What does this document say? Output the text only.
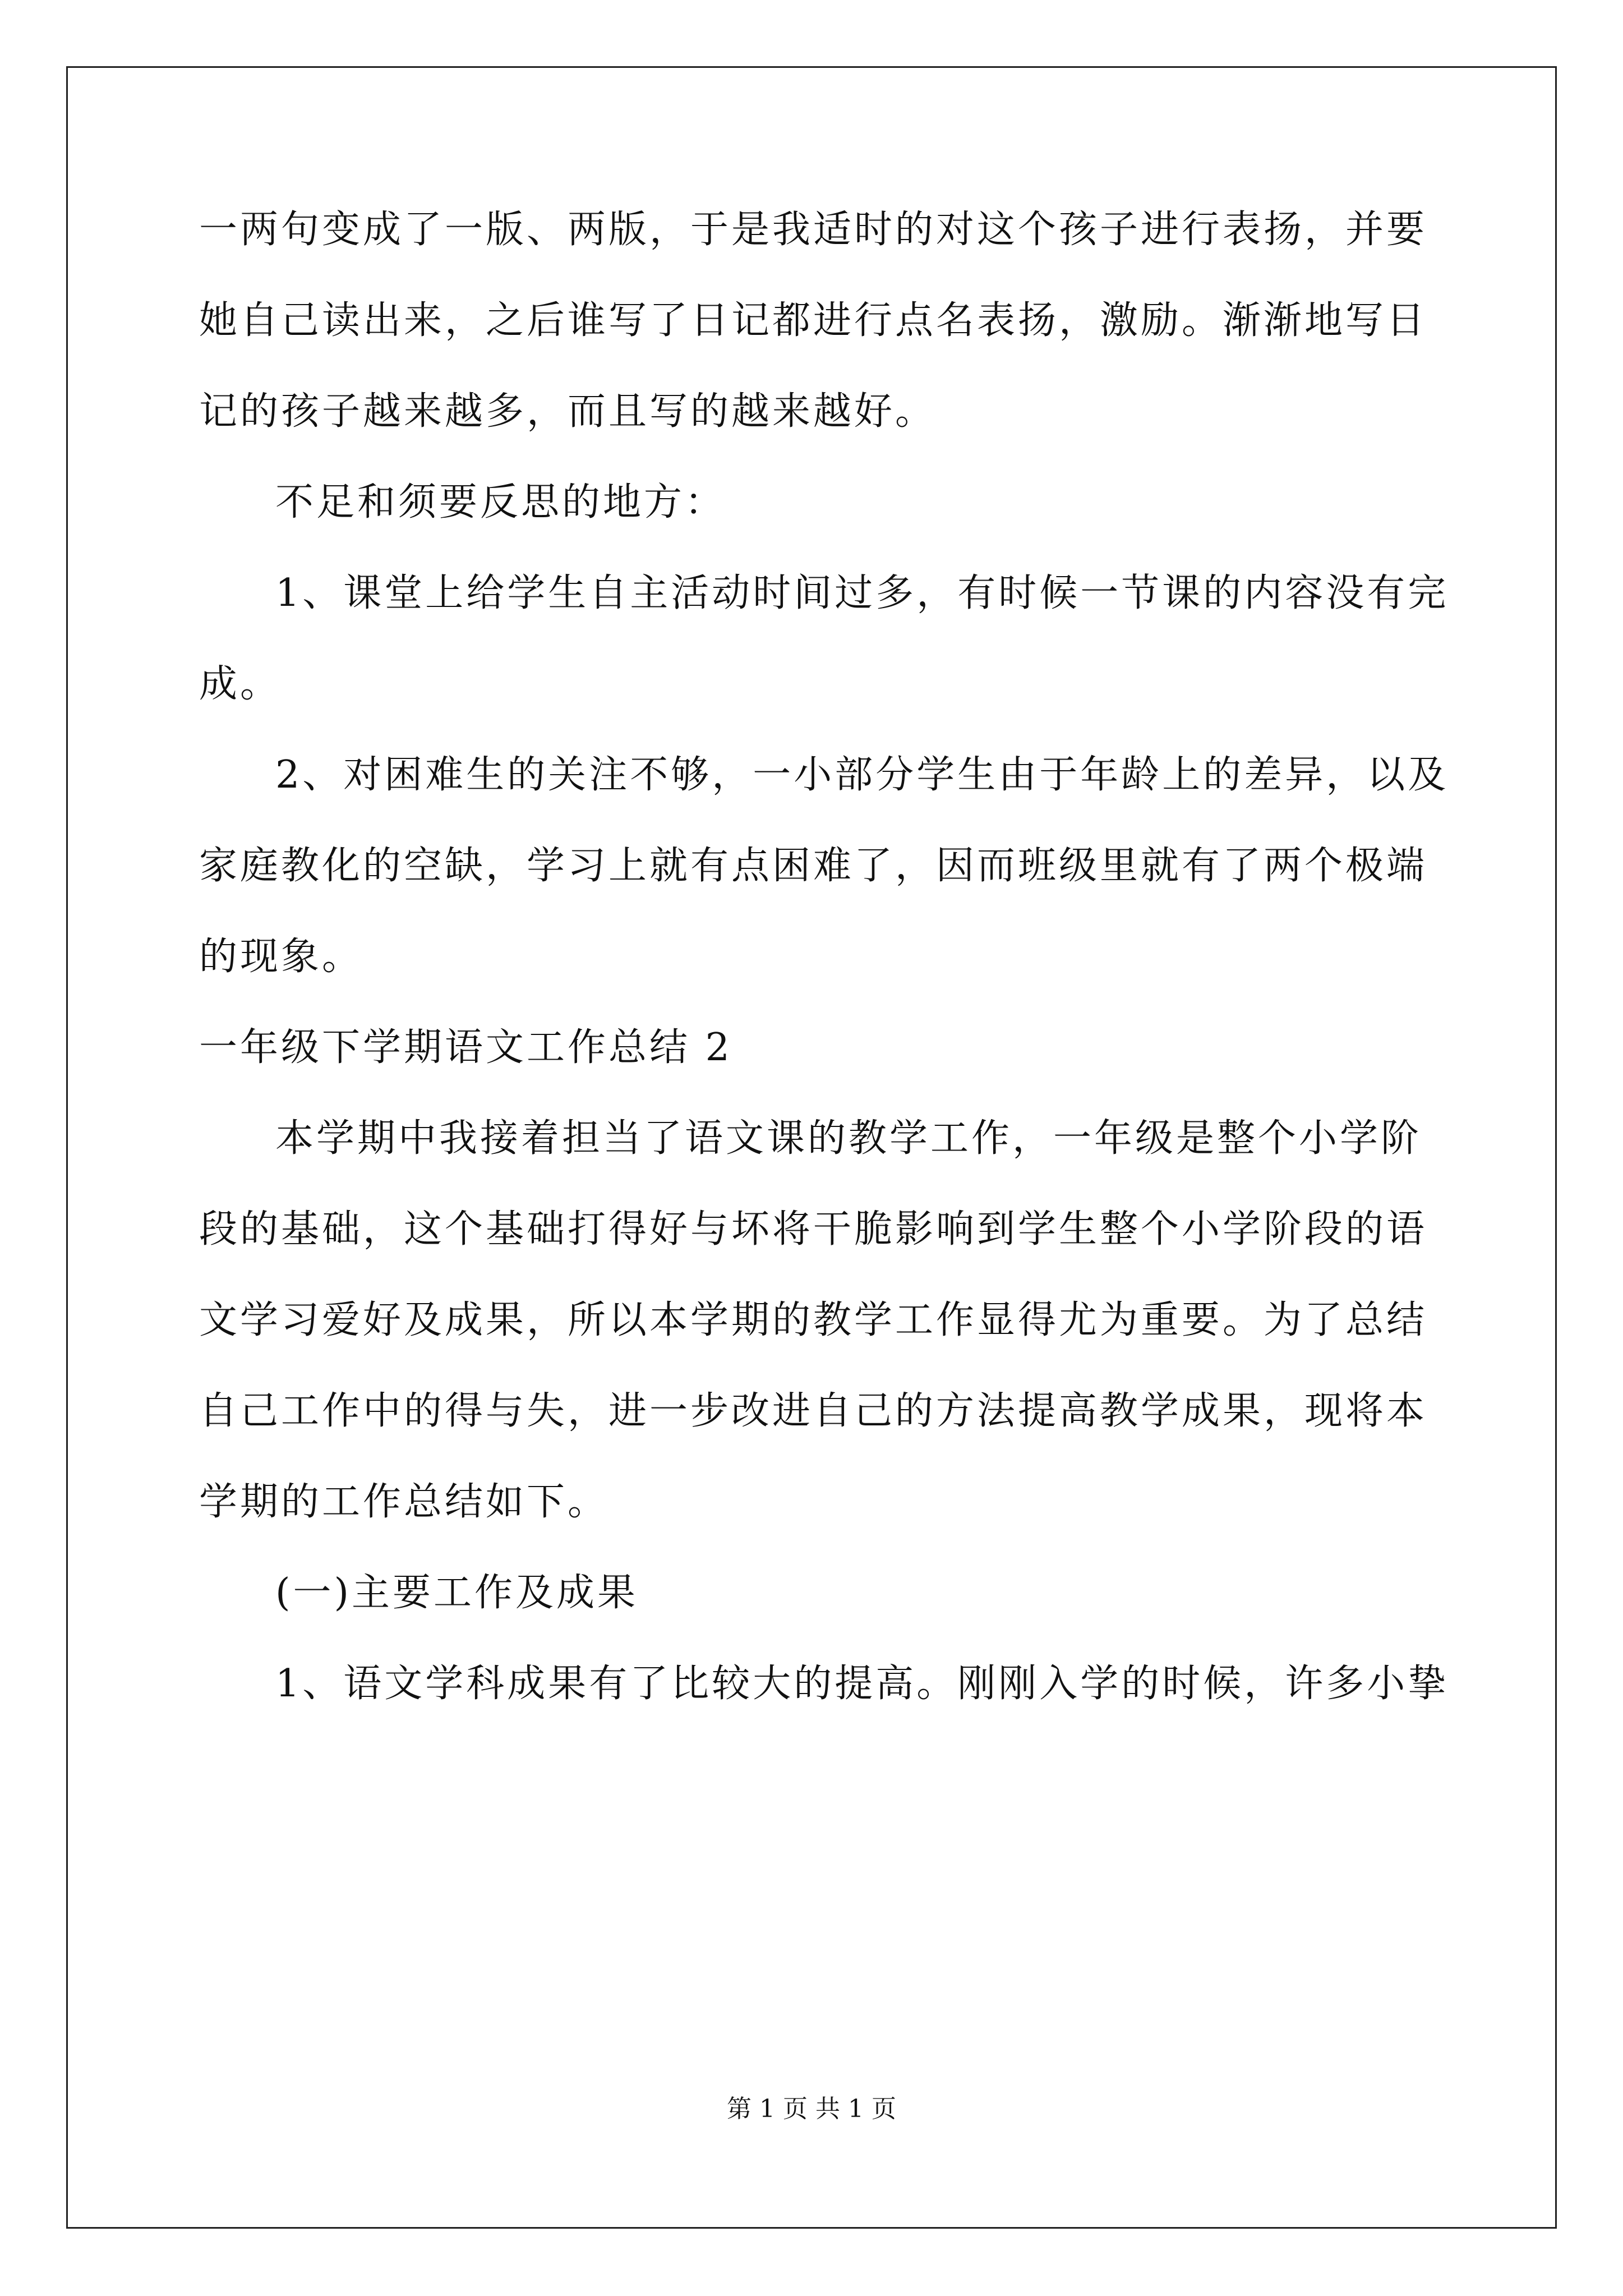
一两句变成了一版、两版，于是我适时的对这个孩子进行表扬，并要
她自己读出来，之后谁写了日记都进行点名表扬，激励。渐渐地写日
记的孩子越来越多，而且写的越来越好。
不足和须要反思的地方：
1、课堂上给学生自主活动时间过多，有时候一节课的内容没有完
成。
2、对困难生的关注不够，一小部分学生由于年龄上的差异，以及
家庭教化的空缺，学习上就有点困难了，因而班级里就有了两个极端
的现象。
一年级下学期语文工作总结 2
本学期中我接着担当了语文课的教学工作，一年级是整个小学阶
段的基础，这个基础打得好与坏将干脆影响到学生整个小学阶段的语
文学习爱好及成果，所以本学期的教学工作显得尤为重要。为了总结
自己工作中的得与失，进一步改进自己的方法提高教学成果，现将本
学期的工作总结如下。
(一)主要工作及成果
1、语文学科成果有了比较大的提高。刚刚入学的时候，许多小挚
第 1 页 共 1 页
